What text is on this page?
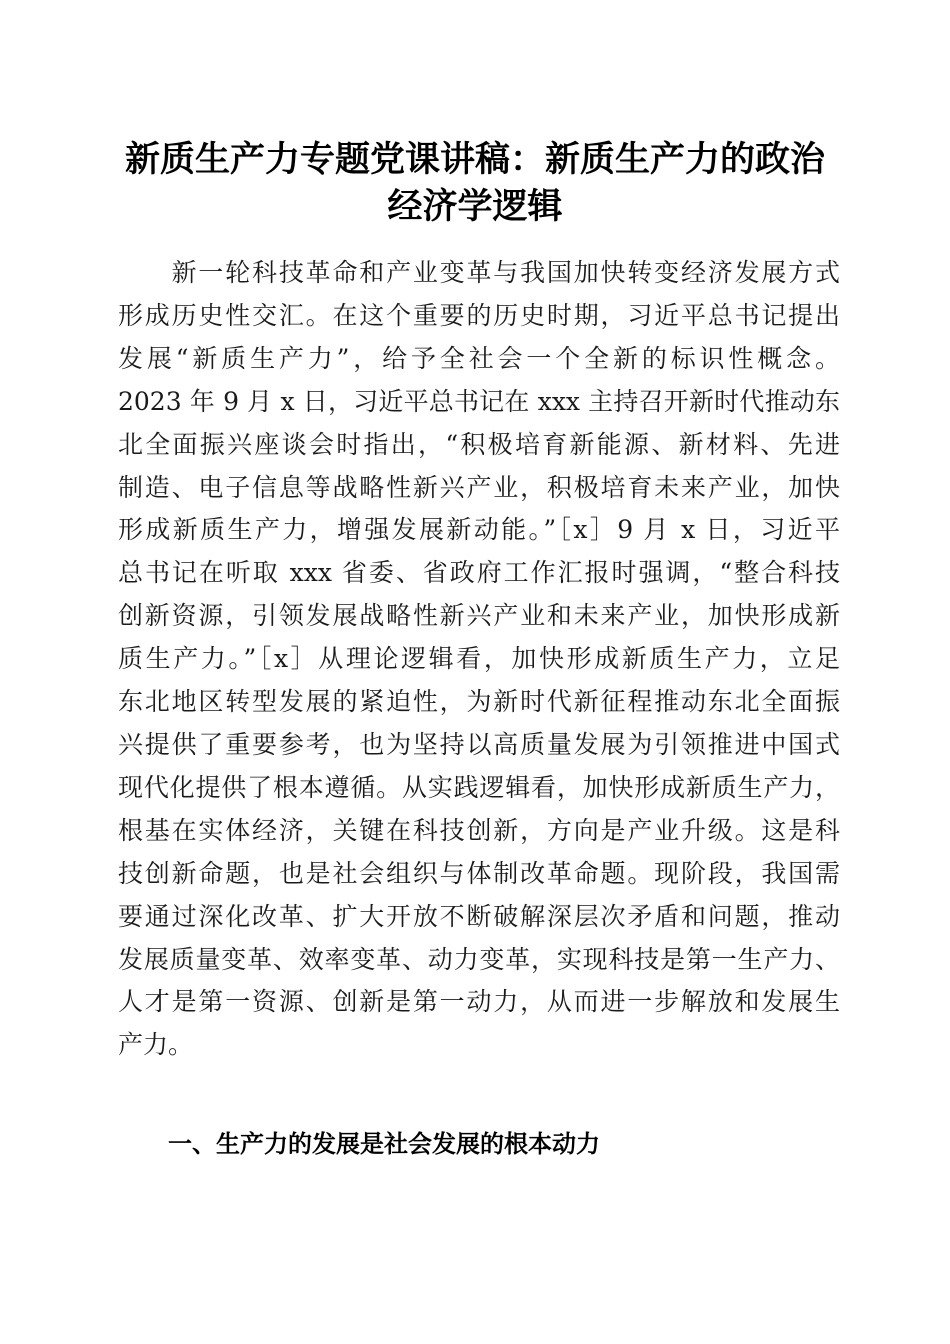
新质生产力专题党课讲稿：新质生产力的政治
经济学逻辑
　　新一轮科技革命和产业变革与我国加快转变经济发展方式
形成历史性交汇。在这个重要的历史时期，习近平总书记提出
发展“新质生产力”，给予全社会一个全新的标识性概念。
2023 年 9 月 x 日，习近平总书记在 xxx 主持召开新时代推动东
北全面振兴座谈会时指出，“积极培育新能源、新材料、先进
制造、电子信息等战略性新兴产业，积极培育未来产业，加快
形成新质生产力，增强发展新动能。”［x］9 月 x 日，习近平
总书记在听取 xxx 省委、省政府工作汇报时强调，“整合科技
创新资源，引领发展战略性新兴产业和未来产业，加快形成新
质生产力。”［x］从理论逻辑看，加快形成新质生产力，立足
东北地区转型发展的紧迫性，为新时代新征程推动东北全面振
兴提供了重要参考，也为坚持以高质量发展为引领推进中国式
现代化提供了根本遵循。从实践逻辑看，加快形成新质生产力，
根基在实体经济，关键在科技创新，方向是产业升级。这是科
技创新命题，也是社会组织与体制改革命题。现阶段，我国需
要通过深化改革、扩大开放不断破解深层次矛盾和问题，推动
发展质量变革、效率变革、动力变革，实现科技是第一生产力、
人才是第一资源、创新是第一动力，从而进一步解放和发展生
产力。
一、生产力的发展是社会发展的根本动力
